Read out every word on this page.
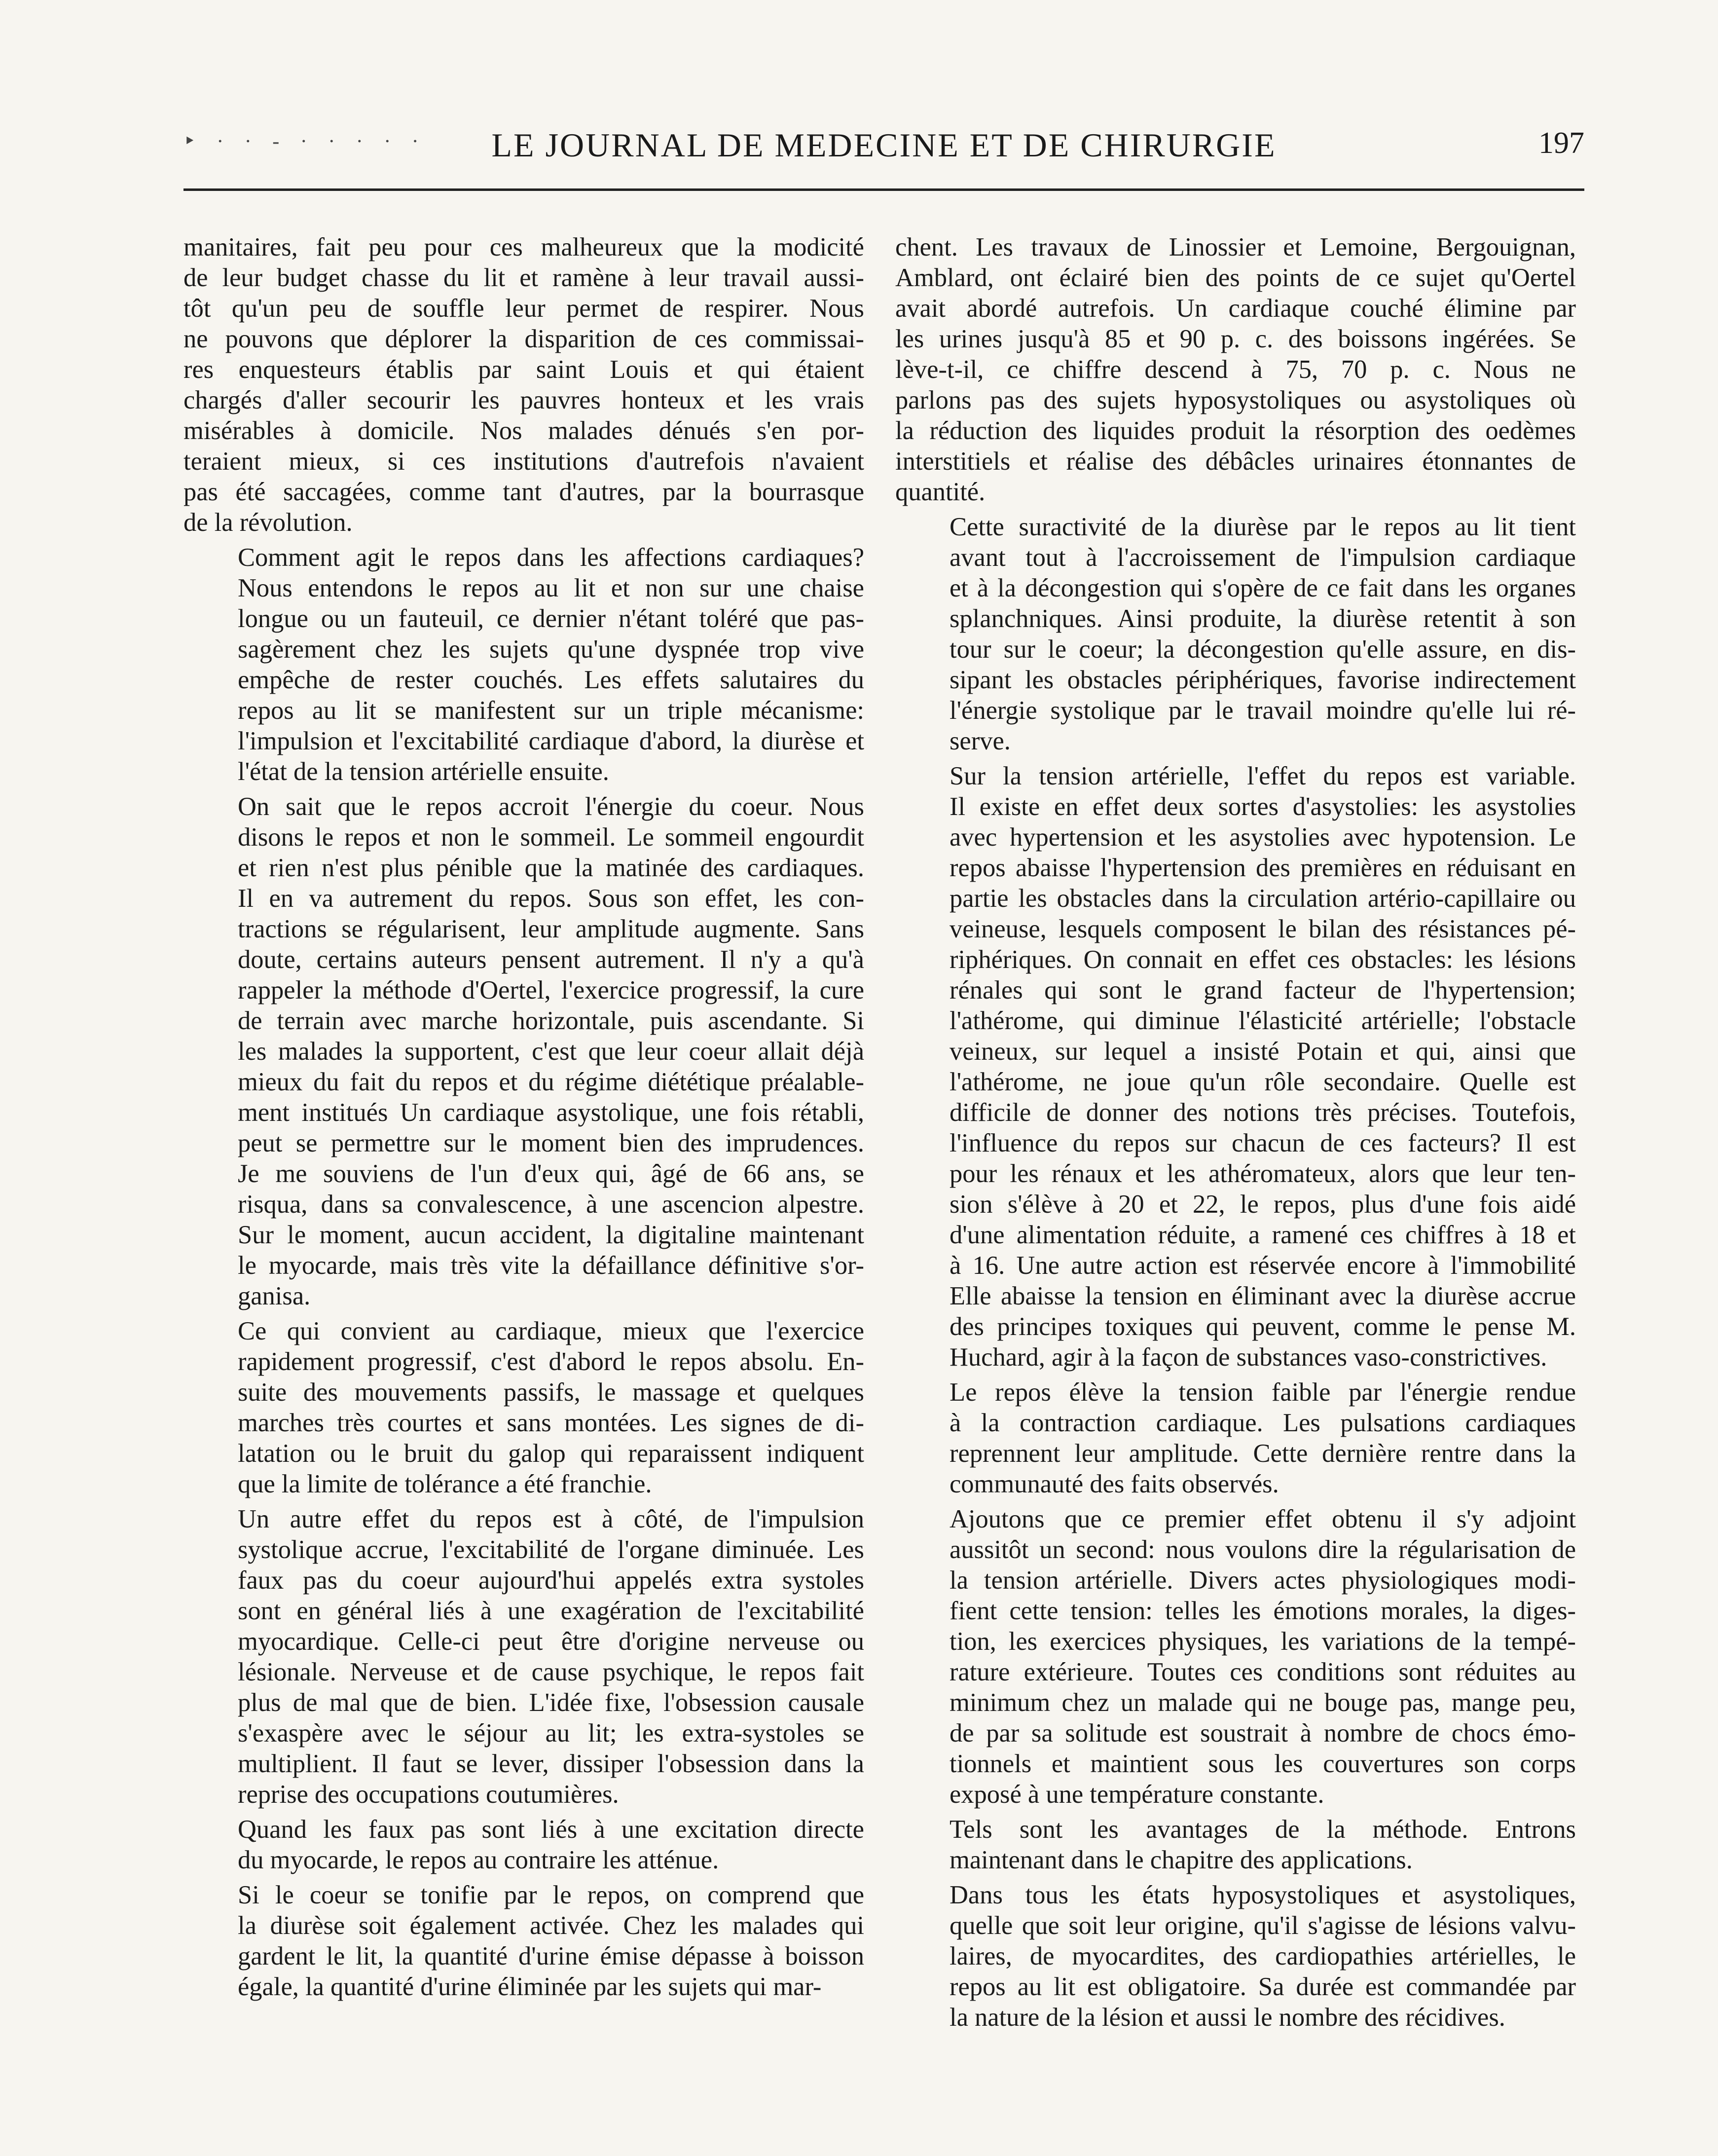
‣ · · - · · · · ·	LE JOURNAL DE MEDECINE ET DE CHIRURGIE	197

manitaires, fait peu pour ces malheureux que la modicité
de leur budget chasse du lit et ramène à leur travail aussi-
tôt qu'un peu de souffle leur permet de respirer. Nous
ne pouvons que déplorer la disparition de ces commissai-
res enquesteurs établis par saint Louis et qui étaient
chargés d'aller secourir les pauvres honteux et les vrais
misérables à domicile. Nos malades dénués s'en por-
teraient mieux, si ces institutions d'autrefois n'avaient
pas été saccagées, comme tant d'autres, par la bourrasque
de la révolution.

Comment agit le repos dans les affections cardiaques?
Nous entendons le repos au lit et non sur une chaise
longue ou un fauteuil, ce dernier n'étant toléré que pas-
sagèrement chez les sujets qu'une dyspnée trop vive
empêche de rester couchés. Les effets salutaires du
repos au lit se manifestent sur un triple mécanisme:
l'impulsion et l'excitabilité cardiaque d'abord, la diurèse et
l'état de la tension artérielle ensuite.

On sait que le repos accroit l'énergie du coeur. Nous
disons le repos et non le sommeil. Le sommeil engourdit
et rien n'est plus pénible que la matinée des cardiaques.
Il en va autrement du repos. Sous son effet, les con-
tractions se régularisent, leur amplitude augmente. Sans
doute, certains auteurs pensent autrement. Il n'y a qu'à
rappeler la méthode d'Oertel, l'exercice progressif, la cure
de terrain avec marche horizontale, puis ascendante. Si
les malades la supportent, c'est que leur coeur allait déjà
mieux du fait du repos et du régime diététique préalable-
ment institués Un cardiaque asystolique, une fois rétabli,
peut se permettre sur le moment bien des imprudences.
Je me souviens de l'un d'eux qui, âgé de 66 ans, se
risqua, dans sa convalescence, à une ascencion alpestre.
Sur le moment, aucun accident, la digitaline maintenant
le myocarde, mais très vite la défaillance définitive s'or-
ganisa.

Ce qui convient au cardiaque, mieux que l'exercice
rapidement progressif, c'est d'abord le repos absolu. En-
suite des mouvements passifs, le massage et quelques
marches très courtes et sans montées. Les signes de di-
latation ou le bruit du galop qui reparaissent indiquent
que la limite de tolérance a été franchie.

Un autre effet du repos est à côté, de l'impulsion
systolique accrue, l'excitabilité de l'organe diminuée. Les
faux pas du coeur aujourd'hui appelés extra systoles
sont en général liés à une exagération de l'excitabilité
myocardique. Celle-ci peut être d'origine nerveuse ou
lésionale. Nerveuse et de cause psychique, le repos fait
plus de mal que de bien. L'idée fixe, l'obsession causale
s'exaspère avec le séjour au lit; les extra-systoles se
multiplient. Il faut se lever, dissiper l'obsession dans la
reprise des occupations coutumières.

Quand les faux pas sont liés à une excitation directe
du myocarde, le repos au contraire les atténue.

Si le coeur se tonifie par le repos, on comprend que
la diurèse soit également activée. Chez les malades qui
gardent le lit, la quantité d'urine émise dépasse à boisson
égale, la quantité d'urine éliminée par les sujets qui mar-

chent. Les travaux de Linossier et Lemoine, Bergouignan,
Amblard, ont éclairé bien des points de ce sujet qu'Oertel
avait abordé autrefois. Un cardiaque couché élimine par
les urines jusqu'à 85 et 90 p. c. des boissons ingérées. Se
lève-t-il, ce chiffre descend à 75, 70 p. c. Nous ne
parlons pas des sujets hyposystoliques ou asystoliques où
la réduction des liquides produit la résorption des oedèmes
interstitiels et réalise des débâcles urinaires étonnantes de
quantité.

Cette suractivité de la diurèse par le repos au lit tient
avant tout à l'accroissement de l'impulsion cardiaque
et à la décongestion qui s'opère de ce fait dans les organes
splanchniques. Ainsi produite, la diurèse retentit à son
tour sur le coeur; la décongestion qu'elle assure, en dis-
sipant les obstacles périphériques, favorise indirectement
l'énergie systolique par le travail moindre qu'elle lui ré-
serve.

Sur la tension artérielle, l'effet du repos est variable.
Il existe en effet deux sortes d'asystolies: les asystolies
avec hypertension et les asystolies avec hypotension. Le
repos abaisse l'hypertension des premières en réduisant en
partie les obstacles dans la circulation artério-capillaire ou
veineuse, lesquels composent le bilan des résistances pé-
riphériques. On connait en effet ces obstacles: les lésions
rénales qui sont le grand facteur de l'hypertension;
l'athérome, qui diminue l'élasticité artérielle; l'obstacle
veineux, sur lequel a insisté Potain et qui, ainsi que
l'athérome, ne joue qu'un rôle secondaire. Quelle est
difficile de donner des notions très précises. Toutefois,
l'influence du repos sur chacun de ces facteurs? Il est
pour les rénaux et les athéromateux, alors que leur ten-
sion s'élève à 20 et 22, le repos, plus d'une fois aidé
d'une alimentation réduite, a ramené ces chiffres à 18 et
à 16. Une autre action est réservée encore à l'immobilité
Elle abaisse la tension en éliminant avec la diurèse accrue
des principes toxiques qui peuvent, comme le pense M.
Huchard, agir à la façon de substances vaso-constrictives.

Le repos élève la tension faible par l'énergie rendue
à la contraction cardiaque. Les pulsations cardiaques
reprennent leur amplitude. Cette dernière rentre dans la
communauté des faits observés.

Ajoutons que ce premier effet obtenu il s'y adjoint
aussitôt un second: nous voulons dire la régularisation de
la tension artérielle. Divers actes physiologiques modi-
fient cette tension: telles les émotions morales, la diges-
tion, les exercices physiques, les variations de la tempé-
rature extérieure. Toutes ces conditions sont réduites au
minimum chez un malade qui ne bouge pas, mange peu,
de par sa solitude est soustrait à nombre de chocs émo-
tionnels et maintient sous les couvertures son corps
exposé à une température constante.

Tels sont les avantages de la méthode. Entrons
maintenant dans le chapitre des applications.

Dans tous les états hyposystoliques et asystoliques,
quelle que soit leur origine, qu'il s'agisse de lésions valvu-
laires, de myocardites, des cardiopathies artérielles, le
repos au lit est obligatoire. Sa durée est commandée par
la nature de la lésion et aussi le nombre des récidives.
